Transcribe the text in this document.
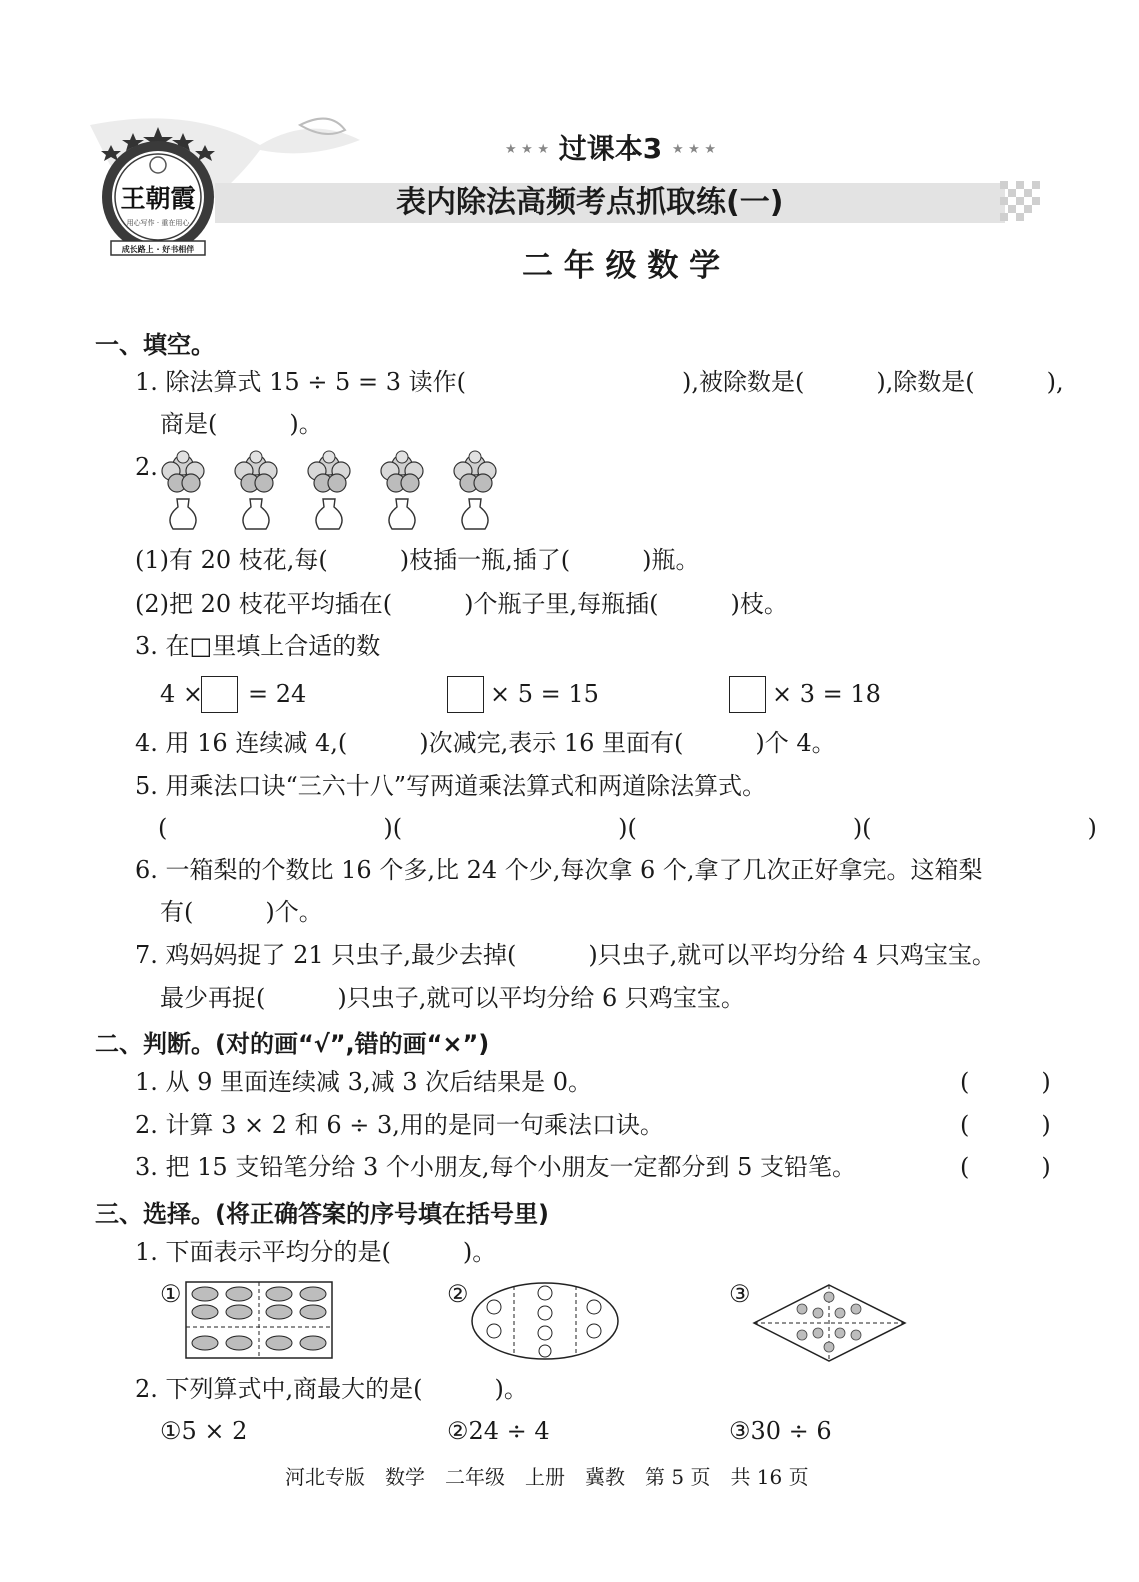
王朝霞
用心写作 · 重在用心
成长路上 · 好书相伴
★ ★ ★ 过课本3 ★ ★ ★
表内除法高频考点抓取练(一)
二 年 级 数 学
一、填空。
1. 除法算式 15 ÷ 5 = 3 读作(　　　　　　　　　),被除数是(　　　),除数是(　　　),
商是(　　　)。
2.
(1)有 20 枝花,每(　　　)枝插一瓶,插了(　　　)瓶。
(2)把 20 枝花平均插在(　　　)个瓶子里,每瓶插(　　　)枝。
3. 在□里填上合适的数
4 × = 24	× 5 = 15	× 3 = 18
4. 用 16 连续减 4,(　　　)次减完,表示 16 里面有(　　　)个 4。
5. 用乘法口诀“三六十八”写两道乘法算式和两道除法算式。
(　　　　　　　　　)(　　　　　　　　　)(　　　　　　　　　)(　　　　　　　　　)
6. 一箱梨的个数比 16 个多,比 24 个少,每次拿 6 个,拿了几次正好拿完。这箱梨
有(　　　)个。
7. 鸡妈妈捉了 21 只虫子,最少去掉(　　　)只虫子,就可以平均分给 4 只鸡宝宝。
最少再捉(　　　)只虫子,就可以平均分给 6 只鸡宝宝。
二、判断。(对的画“√”,错的画“×”)
1. 从 9 里面连续减 3,减 3 次后结果是 0。	(　　　)
2. 计算 3 × 2 和 6 ÷ 3,用的是同一句乘法口诀。	(　　　)
3. 把 15 支铅笔分给 3 个小朋友,每个小朋友一定都分到 5 支铅笔。	(　　　)
三、选择。(将正确答案的序号填在括号里)
1. 下面表示平均分的是(　　　)。
①	②	③
2. 下列算式中,商最大的是(　　　)。
①5 × 2	②24 ÷ 4	③30 ÷ 6
河北专版　数学　二年级　上册　冀教　第 5 页　共 16 页
